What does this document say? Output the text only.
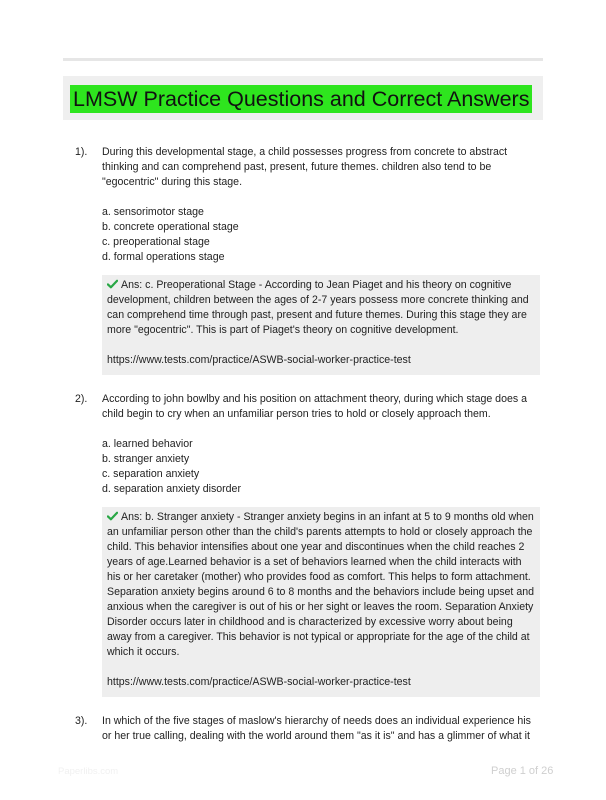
LMSW Practice Questions and Correct Answers
1). During this developmental stage, a child possesses progress from concrete to abstract thinking and can comprehend past, present, future themes. children also tend to be "egocentric" during this stage.
a. sensorimotor stage
b. concrete operational stage
c. preoperational stage
d. formal operations stage
Ans: c. Preoperational Stage - According to Jean Piaget and his theory on cognitive development, children between the ages of 2-7 years possess more concrete thinking and can comprehend time through past, present and future themes. During this stage they are more "egocentric". This is part of Piaget's theory on cognitive development.
https://www.tests.com/practice/ASWB-social-worker-practice-test
2). According to john bowlby and his position on attachment theory, during which stage does a child begin to cry when an unfamiliar person tries to hold or closely approach them.
a. learned behavior
b. stranger anxiety
c. separation anxiety
d. separation anxiety disorder
Ans: b. Stranger anxiety - Stranger anxiety begins in an infant at 5 to 9 months old when an unfamiliar person other than the child's parents attempts to hold or closely approach the child. This behavior intensifies about one year and discontinues when the child reaches 2 years of age.Learned behavior is a set of behaviors learned when the child interacts with his or her caretaker (mother) who provides food as comfort. This helps to form attachment. Separation anxiety begins around 6 to 8 months and the behaviors include being upset and anxious when the caregiver is out of his or her sight or leaves the room. Separation Anxiety Disorder occurs later in childhood and is characterized by excessive worry about being away from a caregiver. This behavior is not typical or appropriate for the age of the child at which it occurs.
https://www.tests.com/practice/ASWB-social-worker-practice-test
3). In which of the five stages of maslow's hierarchy of needs does an individual experience his or her true calling, dealing with the world around them "as it is" and has a glimmer of what it
Paperlibs.com	Page 1 of 26
